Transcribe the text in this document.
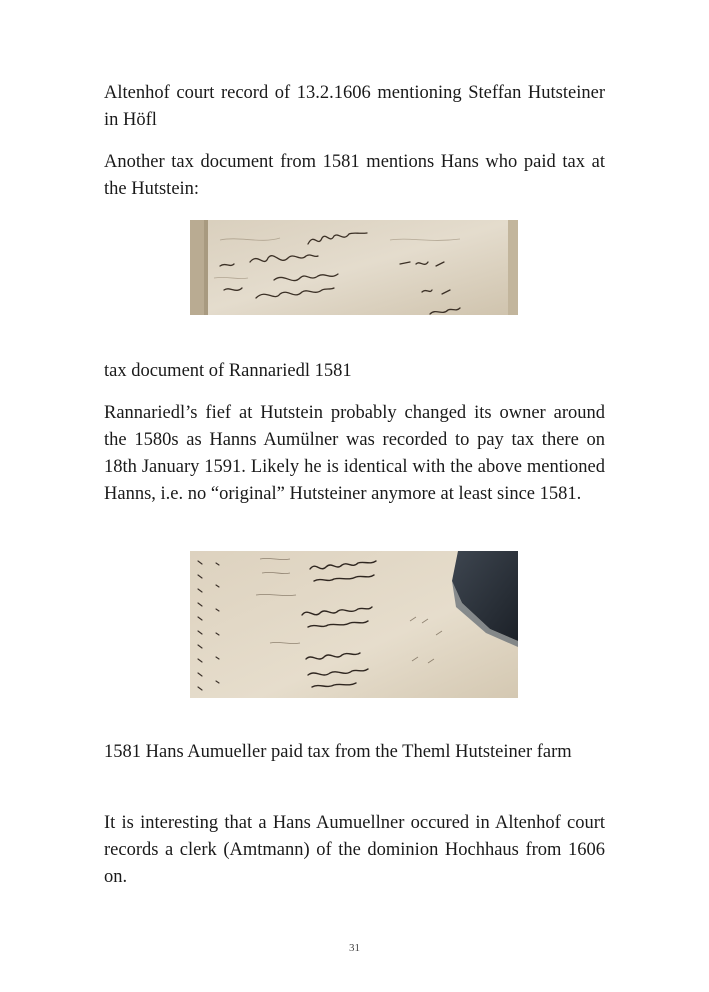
Altenhof court record of 13.2.1606 mentioning Steffan Hutsteiner in Höfl

Another tax document from 1581 mentions Hans who paid tax at the Hutstein:

tax document of Rannariedl 1581

Rannariedl’s fief at Hutstein probably changed its owner around the 1580s as Hanns Aumülner was recorded to pay tax there on 18th January 1591. Likely he is identical with the above mentioned Hanns, i.e. no “original” Hutsteiner anymore at least since 1581.

1581 Hans Aumueller paid tax from the Theml Hutsteiner farm

It is interesting that a Hans Aumuellner occured in Altenhof court records a clerk (Amtmann) of the dominion Hochhaus from 1606 on.

31
